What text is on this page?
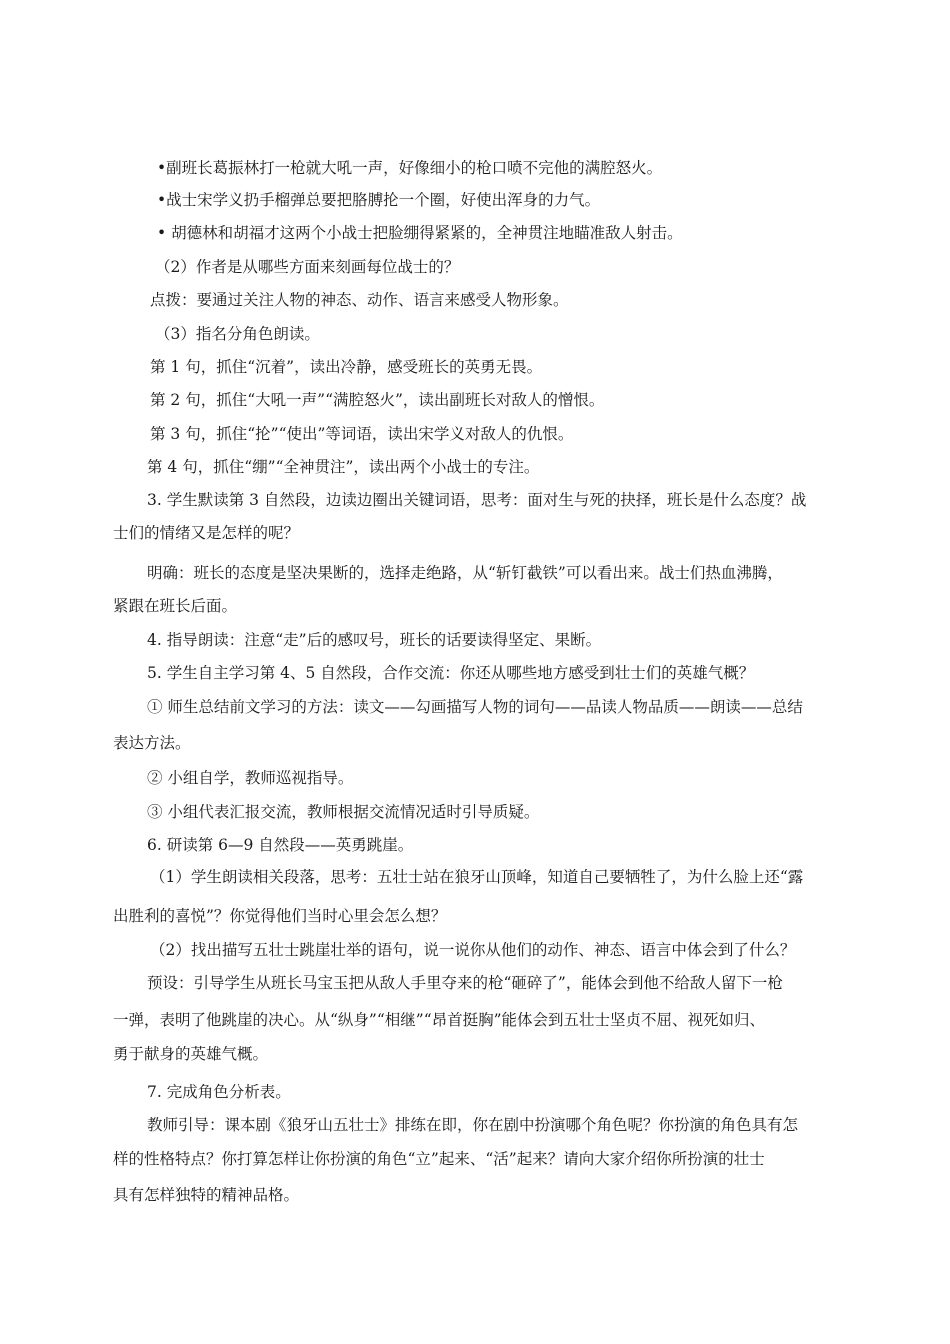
•副班长葛振林打一枪就大吼一声，好像细小的枪口喷不完他的满腔怒火。
•战士宋学义扔手榴弹总要把胳膊抡一个圈，好使出浑身的力气。
• 胡德林和胡福才这两个小战士把脸绷得紧紧的，全神贯注地瞄准敌人射击。
（2）作者是从哪些方面来刻画每位战士的？
点拨：要通过关注人物的神态、动作、语言来感受人物形象。
（3）指名分角色朗读。
第 1 句，抓住“沉着”，读出冷静，感受班长的英勇无畏。
第 2 句，抓住“大吼一声”“满腔怒火”，读出副班长对敌人的憎恨。
第 3 句，抓住“抡”“使出”等词语，读出宋学义对敌人的仇恨。
第 4 句，抓住“绷”“全神贯注”，读出两个小战士的专注。
3. 学生默读第 3 自然段，边读边圈出关键词语，思考：面对生与死的抉择，班长是什么态度？战
士们的情绪又是怎样的呢？
明确：班长的态度是坚决果断的，选择走绝路，从“斩钉截铁”可以看出来。战士们热血沸腾，
紧跟在班长后面。
4. 指导朗读：注意“走”后的感叹号，班长的话要读得坚定、果断。
5. 学生自主学习第 4、5 自然段，合作交流：你还从哪些地方感受到壮士们的英雄气概？
① 师生总结前文学习的方法：读文——勾画描写人物的词句——品读人物品质——朗读——总结
表达方法。
② 小组自学，教师巡视指导。
③ 小组代表汇报交流，教师根据交流情况适时引导质疑。
6. 研读第 6—9 自然段——英勇跳崖。
（1）学生朗读相关段落，思考：五壮士站在狼牙山顶峰，知道自己要牺牲了，为什么脸上还“露
出胜利的喜悦”？你觉得他们当时心里会怎么想？
（2）找出描写五壮士跳崖壮举的语句，说一说你从他们的动作、神态、语言中体会到了什么？
预设：引导学生从班长马宝玉把从敌人手里夺来的枪“砸碎了”，能体会到他不给敌人留下一枪
一弹，表明了他跳崖的决心。从“纵身”“相继”“昂首挺胸”能体会到五壮士坚贞不屈、视死如归、
勇于献身的英雄气概。
7. 完成角色分析表。
教师引导：课本剧《狼牙山五壮士》排练在即，你在剧中扮演哪个角色呢？你扮演的角色具有怎
样的性格特点？你打算怎样让你扮演的角色“立”起来、“活”起来？请向大家介绍你所扮演的壮士
具有怎样独特的精神品格。
